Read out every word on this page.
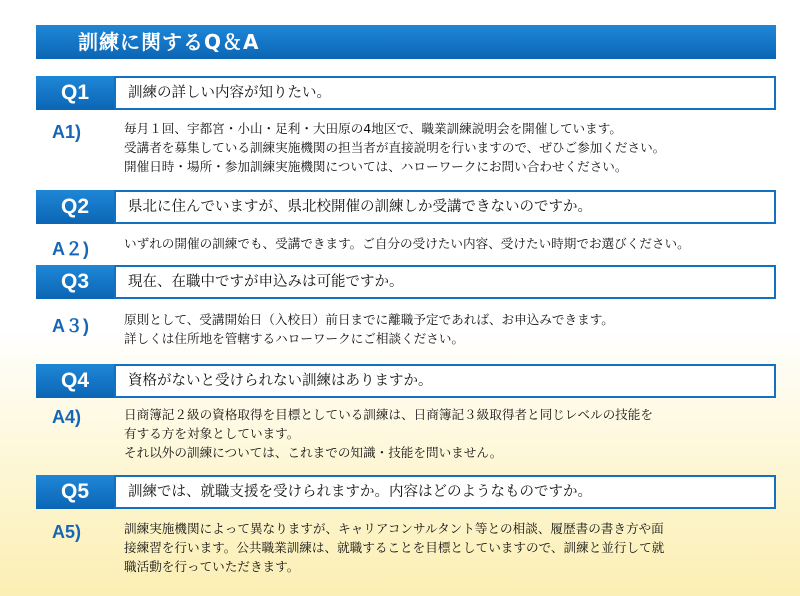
訓練に関するQ＆A
Q1	訓練の詳しい内容が知りたい。
A1)	毎月１回、宇都宮・小山・足利・大田原の4地区で、職業訓練説明会を開催しています。
受講者を募集している訓練実施機関の担当者が直接説明を行いますので、ぜひご参加ください。
開催日時・場所・参加訓練実施機関については、ハローワークにお問い合わせください。
Q2	県北に住んでいますが、県北校開催の訓練しか受講できないのですか。
A２)	いずれの開催の訓練でも、受講できます。ご自分の受けたい内容、受けたい時期でお選びください。
Q3	現在、在職中ですが申込みは可能ですか。
A３)	原則として、受講開始日（入校日）前日までに離職予定であれば、お申込みできます。
詳しくは住所地を管轄するハローワークにご相談ください。
Q4	資格がないと受けられない訓練はありますか。
A4)	日商簿記２級の資格取得を目標としている訓練は、日商簿記３級取得者と同じレベルの技能を
有する方を対象としています。
それ以外の訓練については、これまでの知識・技能を問いません。
Q5	訓練では、就職支援を受けられますか。内容はどのようなものですか。
A5)	訓練実施機関によって異なりますが、キャリアコンサルタント等との相談、履歴書の書き方や面
接練習を行います。公共職業訓練は、就職することを目標としていますので、訓練と並行して就
職活動を行っていただきます。
